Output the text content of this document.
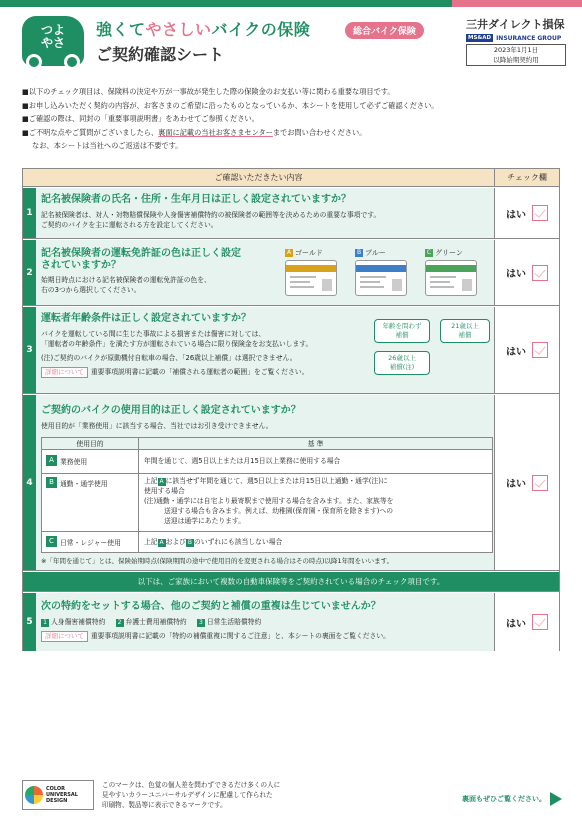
つよ
やさ
強くてやさしいバイクの保険	総合バイク保険
ご契約確認シート
三井ダイレクト損保
MS&AD INSURANCE GROUP
2023年1月1日
以降始期契約用
■以下のチェック項目は、保険料の決定や万が一事故が発生した際の保険金のお支払い等に関わる重要な項目です。
■お申し込みいただく契約の内容が、お客さまのご希望に沿ったものとなっているか、本シートを使用して必ずご確認ください。
■ご確認の際は、同封の「重要事項説明書」をあわせてご参照ください。
■ご不明な点やご質問がございましたら、裏面に記載の当社お客さまセンターまでお問い合わせください。
なお、本シートは当社へのご返送は不要です。
ご確認いただきたい内容	チェック欄
1
記名被保険者の氏名・住所・生年月日は正しく設定されていますか？
記名被保険者は、対人・対物賠償保険や人身傷害補償特約の被保険者の範囲等を決めるための重要な事項です。
ご契約のバイクを主に運転される方を設定してください。
はい
2
記名被保険者の運転免許証の色は正しく設定
されていますか？
始期日時点における記名被保険者の運転免許証の色を、
右の3つから選択してください。
A ゴールド	B ブルー	C グリーン
はい
3
運転者年齢条件は正しく設定されていますか？
バイクを運転している間に生じた事故による損害または傷害に対しては、
「運転者の年齢条件」を満たす方が運転されている場合に限り保険金をお支払いします。
(注)ご契約のバイクが原動機付自転車の場合、「26歳以上補償」は選択できません。
詳細について 重要事項説明書に記載の「補償される運転者の範囲」をご覧ください。
年齢を問わず
補償
21歳以上
補償
26歳以上
補償(注)
はい
4
ご契約のバイクの使用目的は正しく設定されていますか？
使用目的が「業務使用」に該当する場合、当社ではお引き受けできません。
使用目的	基 準
A 業務使用	年間を通じて、週5日以上または月15日以上業務に使用する場合
B 通勤・通学使用	上記 A に該当せず年間を通じて、週5日以上または月15日以上通勤・通学(注)に
使用する場合
(注)通勤・通学には自宅より最寄駅まで使用する場合を含みます。また、家族等を
送迎する場合も含みます。例えば、幼稚園(保育園・保育所を除きます)への
送迎は通学にあたります。
C 日常・レジャー使用	上記 A および B のいずれにも該当しない場合
※「年間を通じて」とは、保険始期時点(保険期間の途中で使用目的を変更される場合はその時点)以降1年間をいいます。
はい
以下は、ご家族において複数の自動車保険等をご契約されている場合のチェック項目です。
5
次の特約をセットする場合、他のご契約と補償の重複は生じていませんか？
1 人身傷害補償特約 2 弁護士費用補償特約 3 日常生活賠償特約
詳細について 重要事項説明書に記載の「特約の補償重複に関するご注意」と、本シートの裏面をご覧ください。
はい
COLOR
UNIVERSAL
DESIGN
このマークは、色覚の個人差を問わずできるだけ多くの人に
見やすいカラーユニバーサルデザインに配慮して作られた
印刷物、製品等に表示できるマークです。
裏面もぜひご覧ください。
